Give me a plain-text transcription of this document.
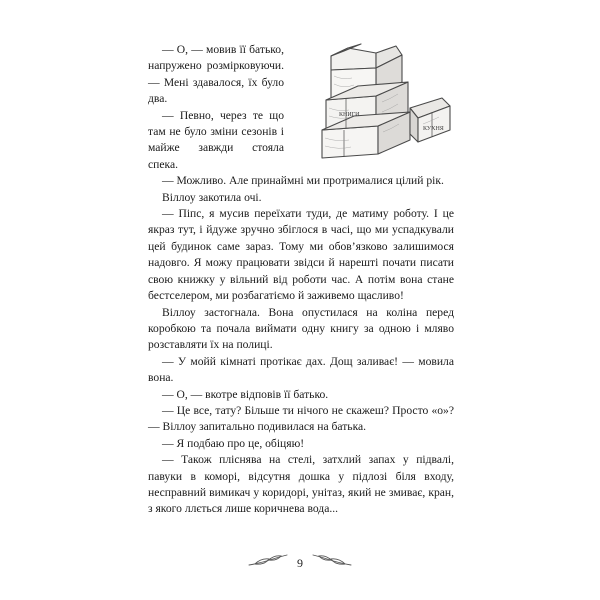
КНИГИ
КУХНЯ

— О, — мовив її батько, напружено розмірковуючи. — Мені здавалося, їх було два.

— Певно, через те що там не було зміни сезонів і майже завжди стояла спека.

— Можливо. Але принаймні ми протрималися цілий рік.

Віллоу закотила очі.

— Піпс, я мусив переїхати туди, де матиму роботу. І це якраз тут, і йдуже зручно збіглося в часі, що ми успадкували цей будинок саме зараз. Тому ми обов’язково залишимося надовго. Я можу працювати звідси й нарешті почати писати свою книжку у вільний від роботи час. А потім вона стане бестселером, ми розбагатіємо й заживемо щасливо!

Віллоу застогнала. Вона опустилася на коліна перед коробкою та почала виймати одну книгу за одною і мляво розставляти їх на полиці.

— У мойй кімнаті протікає дах. Дощ заливає! — мовила вона.

— О, — вкотре відповів її батько.

— Це все, тату? Більше ти нічого не скажеш? Просто «о»? — Віллоу запитально подивилася на батька.

— Я подбаю про це, обіцяю!

— Також пліснява на стелі, затхлий запах у підвалі, павуки в коморі, відсутня дошка у підлозі біля входу, несправний вимикач у коридорі, унітаз, який не змиває, кран, з якого ллється лише коричнева вода...

9
